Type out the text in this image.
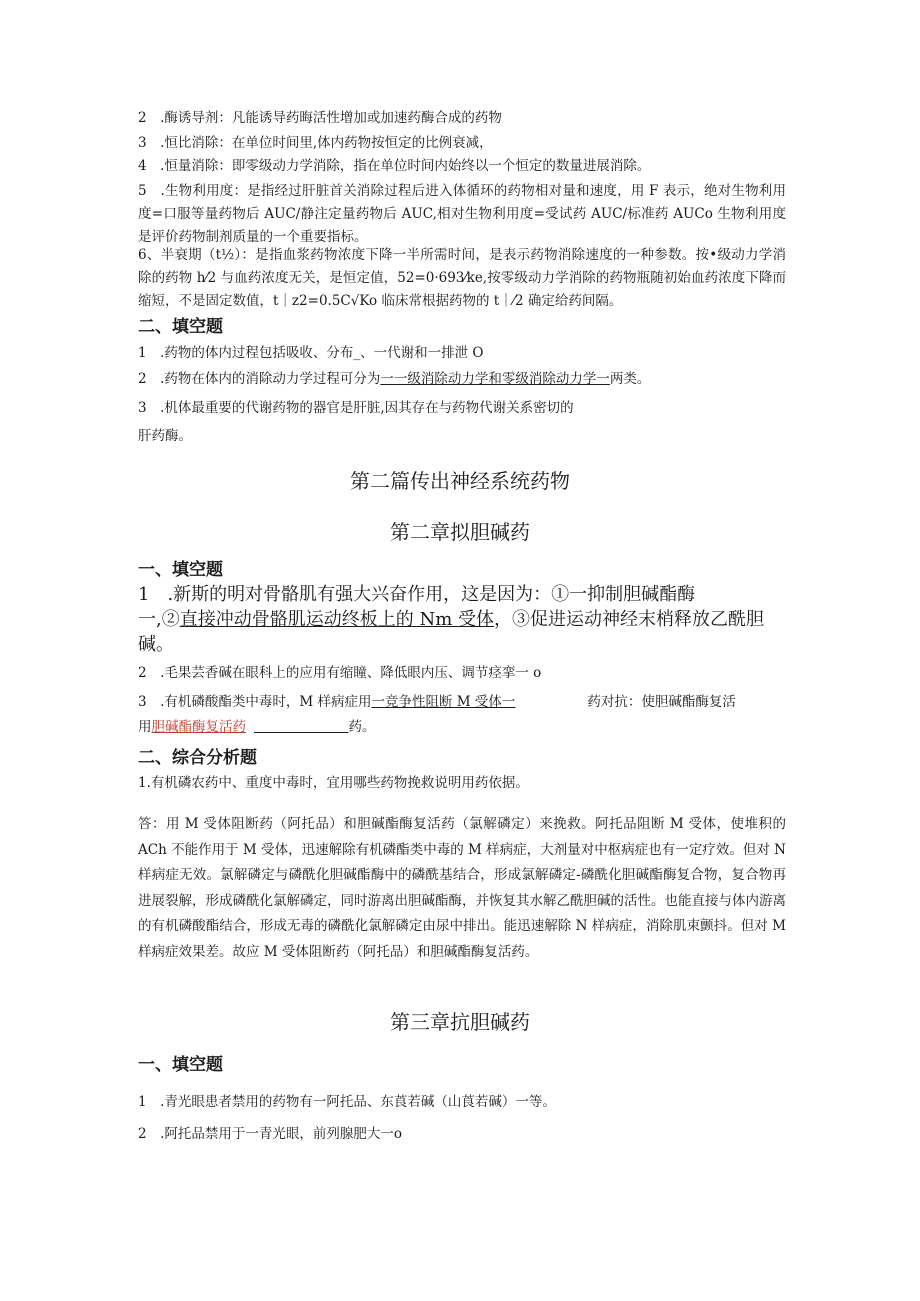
2　.酶诱导剂：凡能诱导药晦活性增加或加速药酶合成的药物
3　.恒比消除：在单位时间里,体内药物按恒定的比例衰减，
4　.恒量消除：即零级动力学消除，指在单位时间内始终以一个恒定的数量进展消除。
5　.生物利用度：是指经过肝脏首关消除过程后进入体循环的药物相对量和速度，用 F 表示，绝对生物利用度=口服等量药物后 AUC/静注定量药物后 AUC,相对生物利用度=受试药 AUC/标准药 AUCo 生物利用度是评价药物制剂质量的一个重要指标。
6、半衰期（t½）：是指血浆药物浓度下降一半所需时间，是表示药物消除速度的一种参数。按•级动力学消除的药物 h⁄2 与血药浓度无关，是恒定值，52=0·693⁄ke,按零级动力学消除的药物瓶随初始血药浓度下降而缩短，不是固定数值，t｜z2=0.5C√Ko 临床常根据药物的 t｜⁄2 确定给药间隔。
二、填空题
1　.药物的体内过程包括吸收、分布_、一代谢和一排泄 O
2　.药物在体内的消除动力学过程可分为一一级消除动力学和零级消除动力学一两类。
3　.机体最重要的代谢药物的器官是肝脏,因其存在与药物代谢关系密切的
肝药酶。
第二篇传出神经系统药物
第二章拟胆碱药
一、填空题
1　.新斯的明对骨骼肌有强大兴奋作用，这是因为：①一抑制胆碱酯酶
一,②直接冲动骨骼肌运动终板上的 Nm 受体，③促进运动神经末梢释放乙酰胆
碱。
2　.毛果芸香碱在眼科上的应用有缩瞳、降低眼内压、调节痉挛一 o
3　.有机磷酸酯类中毒时，M 样病症用一竞争性阻断 M 受体一	药对抗：使胆碱酯酶复活
用胆碱酯酶复活药　　　　　　　	药。
二、综合分析题
1.有机磷农药中、重度中毒时，宜用哪些药物挽救说明用药依据。
答：用 M 受体阻断药（阿托品）和胆碱酯酶复活药（氯解磷定）来挽救。阿托品阻断 M 受体，使堆积的 ACh 不能作用于 M 受体，迅速解除有机磷酯类中毒的 M 样病症，大剂量对中枢病症也有一定疗效。但对 N 样病症无效。氯解磷定与磷酰化胆碱酯酶中的磷酰基结合，形成氯解磷定-磷酰化胆碱酯酶复合物，复合物再进展裂解，形成磷酰化氯解磷定，同时游离出胆碱酯酶，并恢复其水解乙酰胆碱的活性。也能直接与体内游离的有机磷酸酯结合，形成无毒的磷酰化氯解磷定由尿中排出。能迅速解除 N 样病症，消除肌束颤抖。但对 M 样病症效果差。故应 M 受体阻断药（阿托品）和胆碱酯酶复活药。
第三章抗胆碱药
一、填空题
1　.青光眼患者禁用的药物有一阿托品、东莨若碱（山莨若碱）一等。
2　.阿托品禁用于一青光眼，前列腺肥大一o
